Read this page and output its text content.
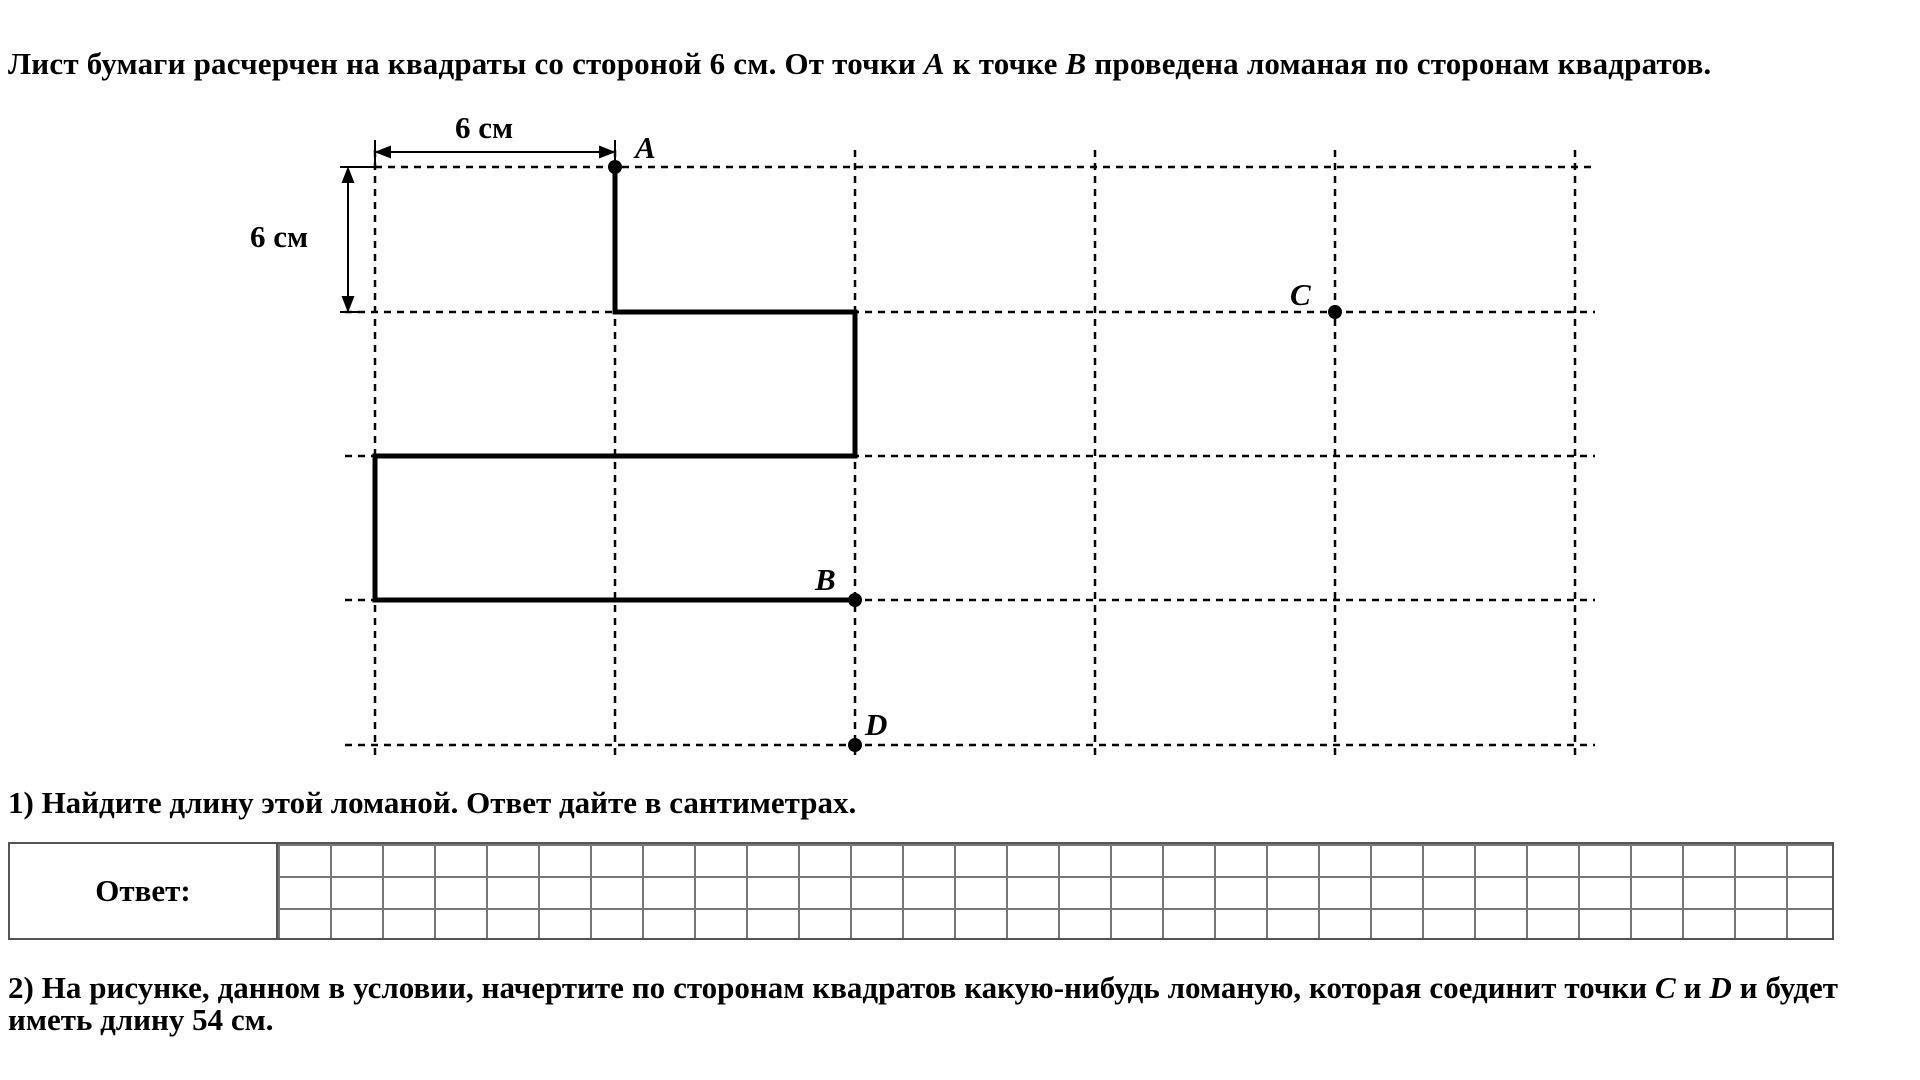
Лист бумаги расчерчен на квадраты со стороной 6 см. От точки A к точке B проведена ломаная по сторонам квадратов.

6 см
6 см
A
B
C
D

1) Найдите длину этой ломаной. Ответ дайте в сантиметрах.

Ответ:

2) На рисунке, данном в условии, начертите по сторонам квадратов какую-нибудь ломаную, которая соединит точки C и D и будет иметь длину 54 см.
